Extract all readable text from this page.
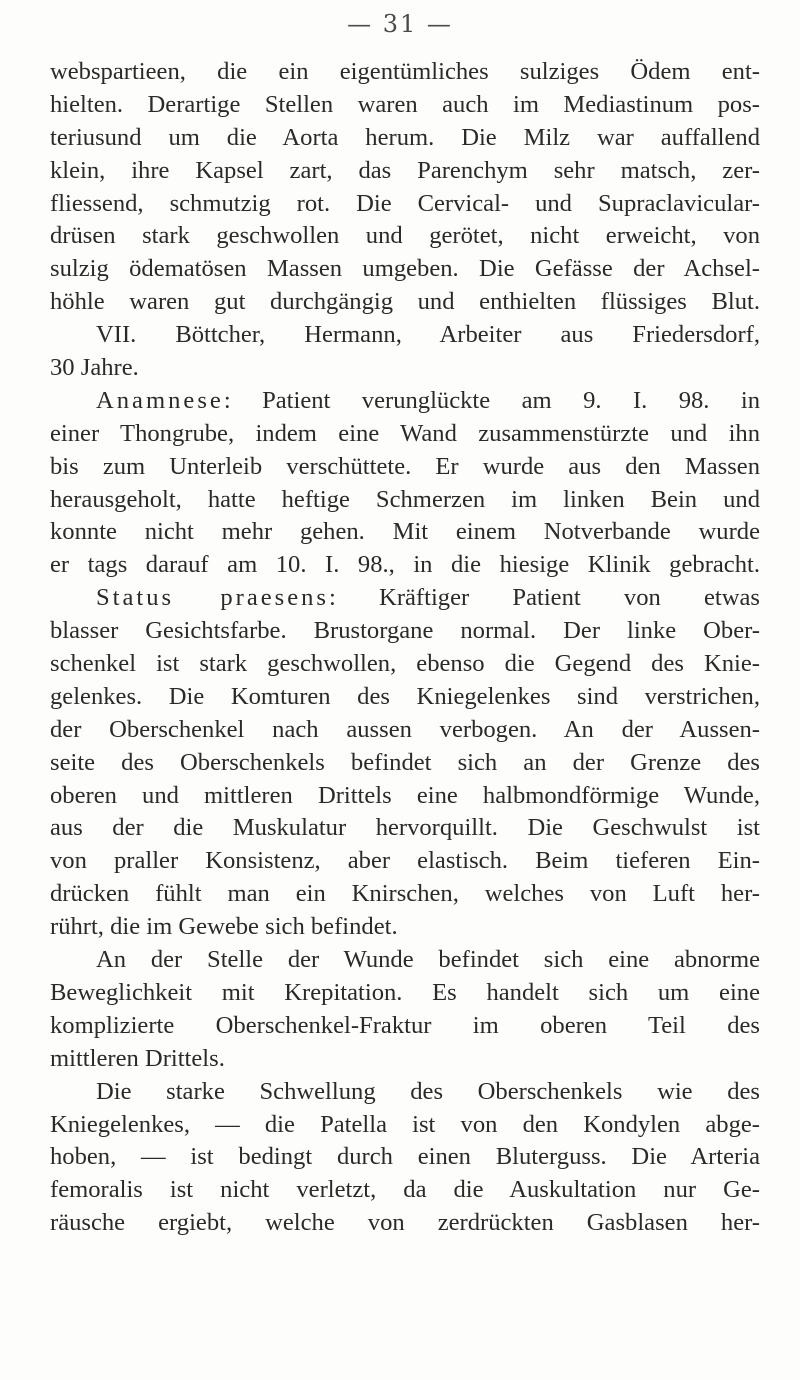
— 31 —

webspartieen, die ein eigentümliches sulziges Ödem ent-
hielten. Derartige Stellen waren auch im Mediastinum pos-
teriusund um die Aorta herum. Die Milz war auffallend
klein, ihre Kapsel zart, das Parenchym sehr matsch, zer-
fliessend, schmutzig rot. Die Cervical- und Supraclavicular-
drüsen stark geschwollen und gerötet, nicht erweicht, von
sulzig ödematösen Massen umgeben. Die Gefässe der Achsel-
höhle waren gut durchgängig und enthielten flüssiges Blut.

VII. Böttcher, Hermann, Arbeiter aus Friedersdorf,
30 Jahre.

Anamnese: Patient verunglückte am 9. I. 98. in
einer Thongrube, indem eine Wand zusammenstürzte und ihn
bis zum Unterleib verschüttete. Er wurde aus den Massen
herausgeholt, hatte heftige Schmerzen im linken Bein und
konnte nicht mehr gehen. Mit einem Notverbande wurde
er tags darauf am 10. I. 98., in die hiesige Klinik gebracht.

Status praesens: Kräftiger Patient von etwas
blasser Gesichtsfarbe. Brustorgane normal. Der linke Ober-
schenkel ist stark geschwollen, ebenso die Gegend des Knie-
gelenkes. Die Komturen des Kniegelenkes sind verstrichen,
der Oberschenkel nach aussen verbogen. An der Aussen-
seite des Oberschenkels befindet sich an der Grenze des
oberen und mittleren Drittels eine halbmondförmige Wunde,
aus der die Muskulatur hervorquillt. Die Geschwulst ist
von praller Konsistenz, aber elastisch. Beim tieferen Ein-
drücken fühlt man ein Knirschen, welches von Luft her-
rührt, die im Gewebe sich befindet.

An der Stelle der Wunde befindet sich eine abnorme
Beweglichkeit mit Krepitation. Es handelt sich um eine
komplizierte Oberschenkel-Fraktur im oberen Teil des
mittleren Drittels.

Die starke Schwellung des Oberschenkels wie des
Kniegelenkes, — die Patella ist von den Kondylen abge-
hoben, — ist bedingt durch einen Bluterguss. Die Arteria
femoralis ist nicht verletzt, da die Auskultation nur Ge-
räusche ergiebt, welche von zerdrückten Gasblasen her-
